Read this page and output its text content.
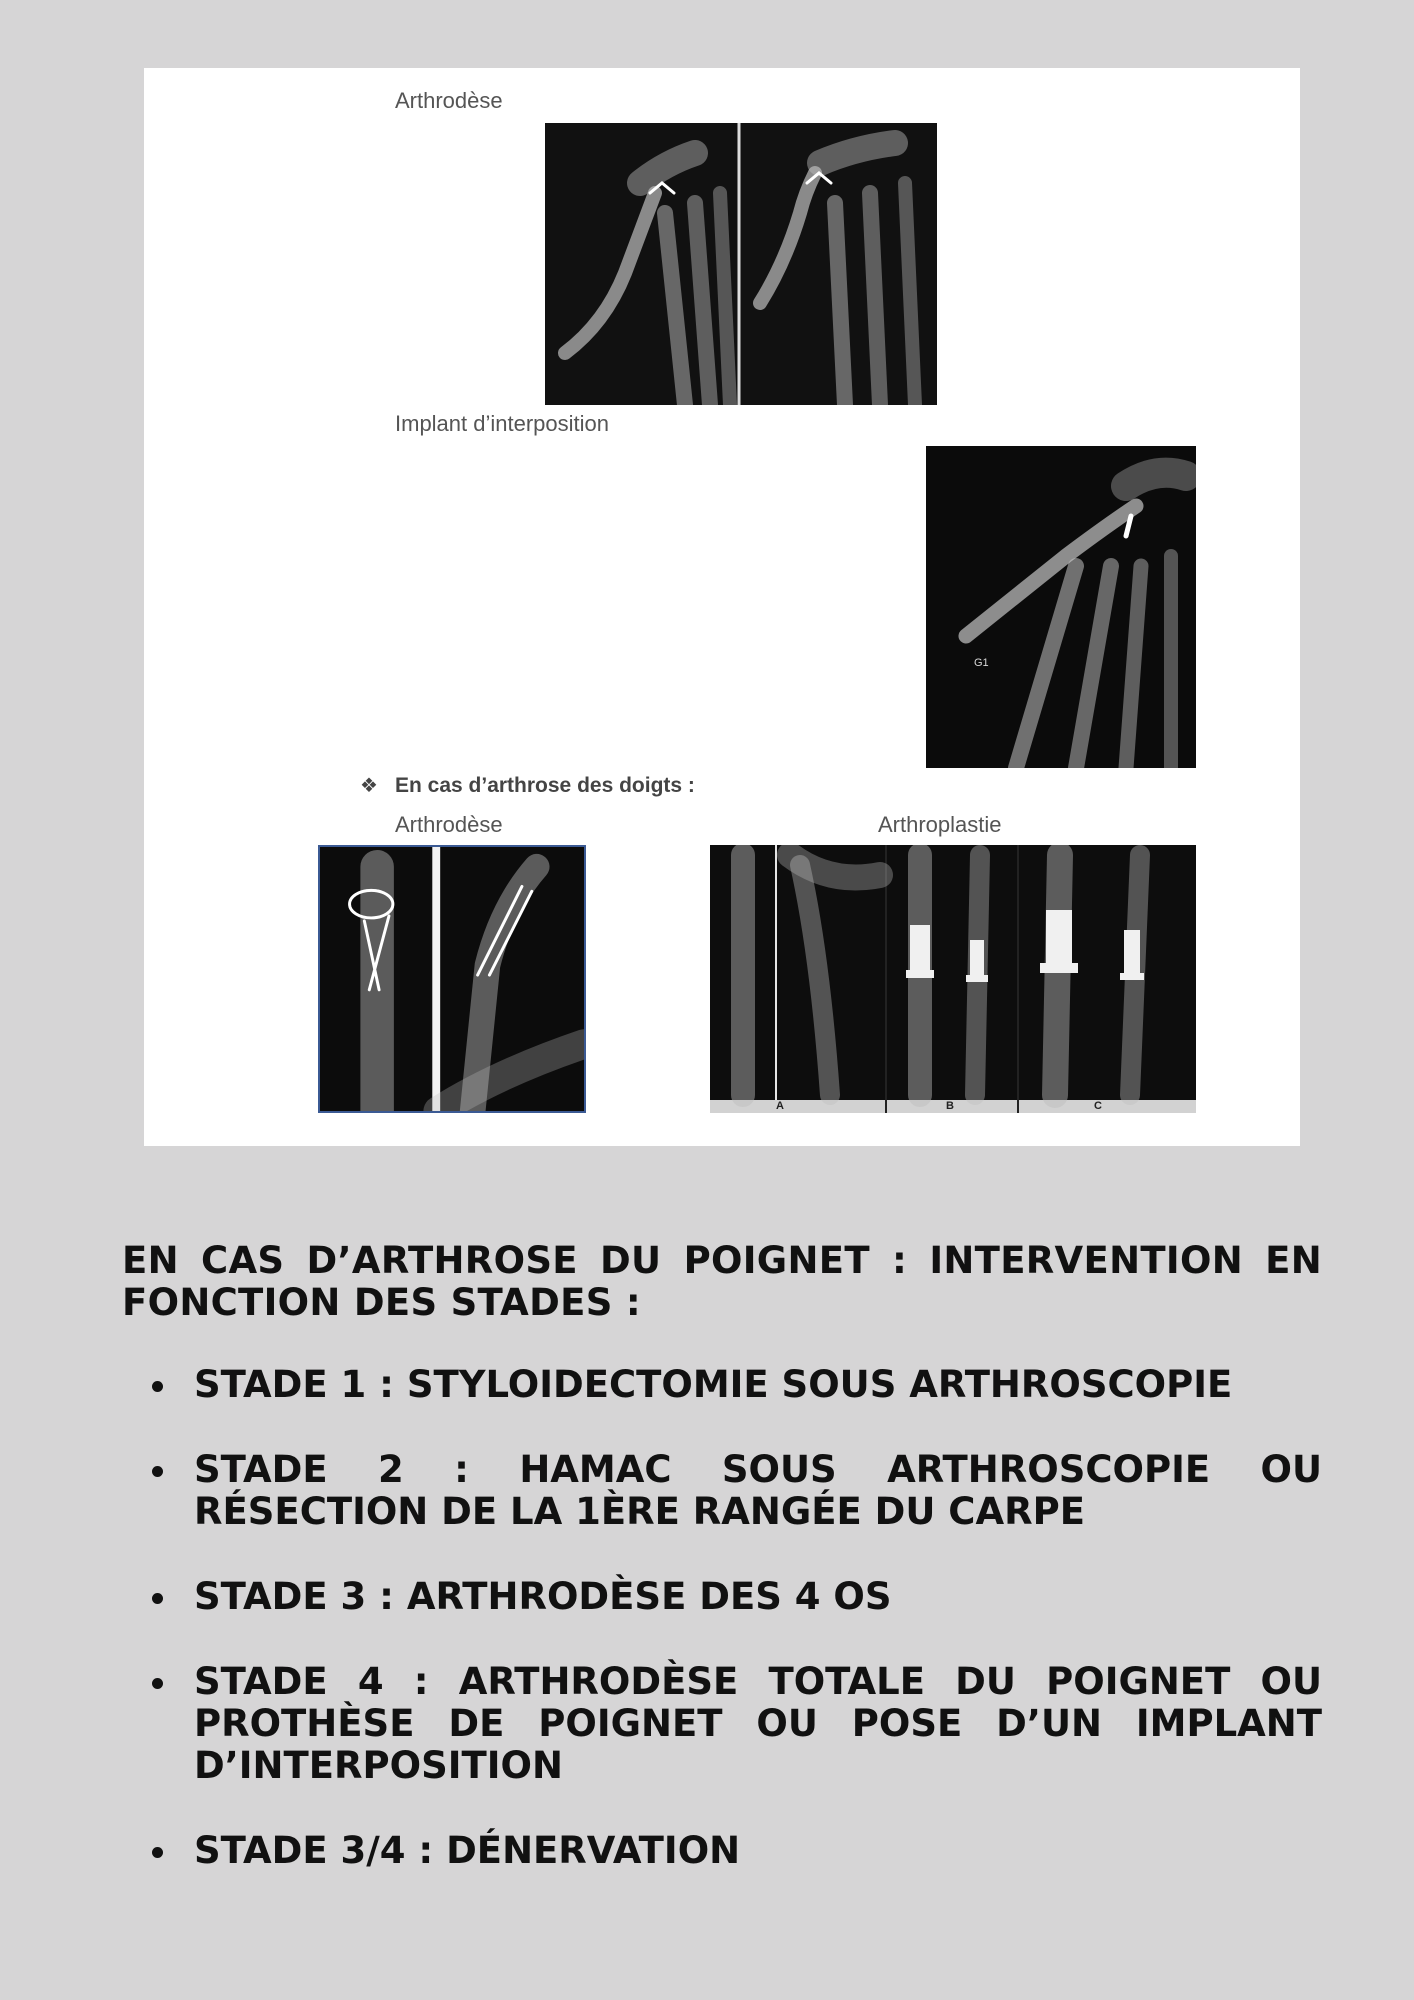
Arthrodèse
Implant d’interposition
G1
❖ En cas d’arthrose des doigts :
Arthrodèse	Arthroplastie
A	B	C

EN CAS D’ARTHROSE DU POIGNET : INTERVENTION EN FONCTION DES STADES :

STADE 1 : STYLOIDECTOMIE SOUS ARTHROSCOPIE
STADE 2 : HAMAC SOUS ARTHROSCOPIE OU RÉSECTION DE LA 1ÈRE RANGÉE DU CARPE
STADE 3 : ARTHRODÈSE DES 4 OS
STADE 4 : ARTHRODÈSE TOTALE DU POIGNET OU PROTHÈSE DE POIGNET OU POSE D’UN IMPLANT D’INTERPOSITION
STADE 3/4 : DÉNERVATION
